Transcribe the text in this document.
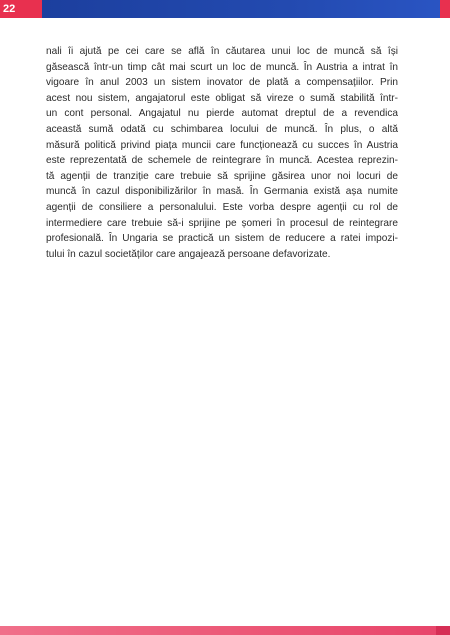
22
nali îi ajută pe cei care se află în căutarea unui loc de muncă să își
găsească într-un timp cât mai scurt un loc de muncă. În Austria a intrat în
vigoare în anul 2003 un sistem inovator de plată a compensațiilor. Prin
acest nou sistem, angajatorul este obligat să vireze o sumă stabilită într-
un cont personal. Angajatul nu pierde automat dreptul de a revendica
această sumă odată cu schimbarea locului de muncă. În plus, o altă
măsură politică privind piața muncii care funcționează cu succes în Austria
este reprezentată de schemele de reintegrare în muncă. Acestea reprezin-
tă agenții de tranziție care trebuie să sprijine găsirea unor noi locuri de
muncă în cazul disponibilizărilor în masă. În Germania există așa numite
agenții de consiliere a personalului. Este vorba despre agenții cu rol de
intermediere care trebuie să-i sprijine pe șomeri în procesul de reintegrare
profesională. În Ungaria se practică un sistem de reducere a ratei impozi-
tului în cazul societăților care angajează persoane defavorizate.
